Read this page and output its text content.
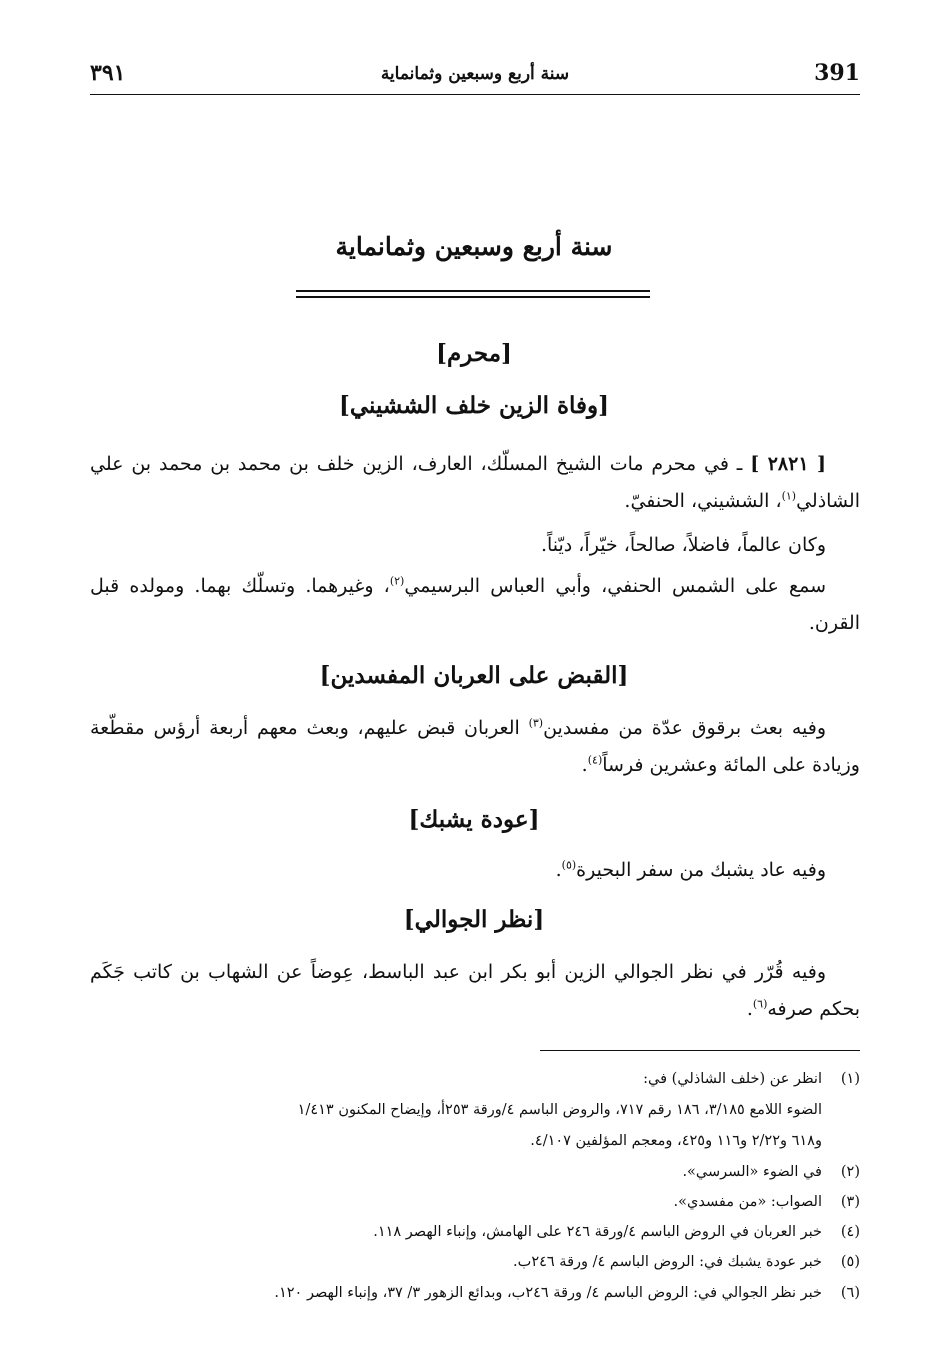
391
سنة أربع وسبعين وثمانماية
٣٩١
سنة أربع وسبعين وثمانماية
[محرم]
[وفاة الزين خلف الششيني]
[ ٢٨٢١ ] ـ في محرم مات الشيخ المسلّك، العارف، الزين خلف بن محمد بن محمد بن علي الشاذلي$^{(١)}$، الششيني، الحنفيّ.
وكان عالماً، فاضلاً، صالحاً، خيّراً، ديّناً.
سمع على الشمس الحنفي، وأبي العباس البرسيمي$^{(٢)}$، وغيرهما. وتسلّك بهما. ومولده قبل القرن.
[القبض على العربان المفسدين]
وفيه بعث برقوق عدّة من مفسدين$^{(٣)}$ العربان قبض عليهم، وبعث معهم أربعة أرؤس مقطّعة وزيادة على المائة وعشرين فرساً$^{(٤)}$.
[عودة يشبك]
وفيه عاد يشبك من سفر البحيرة$^{(٥)}$.
[نظر الجوالي]
وفيه قُرّر في نظر الجوالي الزين أبو بكر ابن عبد الباسط، عِوضاً عن الشهاب بن كاتب جَكَم بحكم صرفه$^{(٦)}$.
(١)انظر عن (خلف الشاذلي) في:
الضوء اللامع ٣/١٨٥، ١٨٦ رقم ٧١٧، والروض الباسم ٤/ورقة ٢٥٣أ، وإيضاح المكنون ١/٤١٣
و٦١٨ و٢/٢٢ و١١٦ و٤٢٥، ومعجم المؤلفين ٤/١٠٧.
(٢)في الضوء «السرسي».
(٣)الصواب: «من مفسدي».
(٤)خبر العربان في الروض الباسم ٤/ورقة ٢٤٦ على الهامش، وإنباء الهصر ١١٨.
(٥)خبر عودة يشبك في: الروض الباسم ٤/ ورقة ٢٤٦ب.
(٦)خبر نظر الجوالي في: الروض الباسم ٤/ ورقة ٢٤٦ب، وبدائع الزهور ٣/ ٣٧، وإنباء الهصر ١٢٠.
